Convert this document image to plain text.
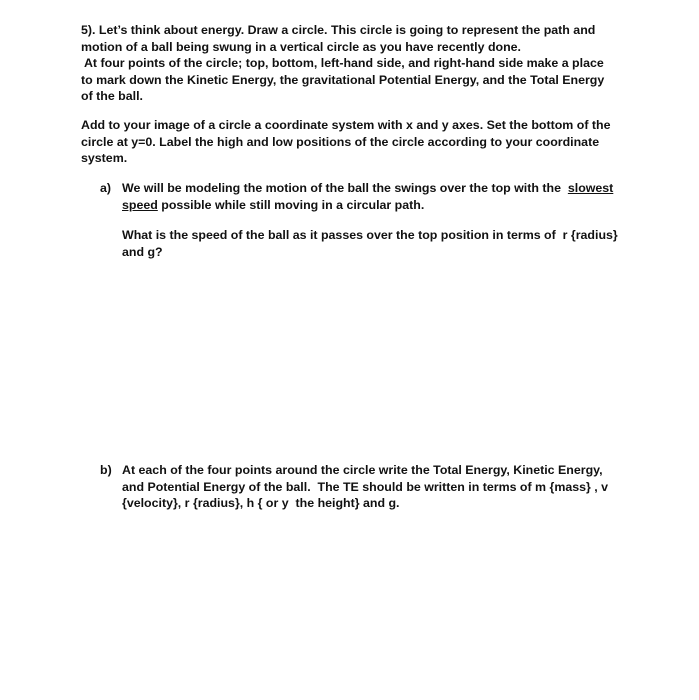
5). Let’s think about energy. Draw a circle. This circle is going to represent the path and
motion of a ball being swung in a vertical circle as you have recently done.
At four points of the circle; top, bottom, left-hand side, and right-hand side make a place
to mark down the Kinetic Energy, the gravitational Potential Energy, and the Total Energy
of the ball.

Add to your image of a circle a coordinate system with x and y axes. Set the bottom of the
circle at y=0. Label the high and low positions of the circle according to your coordinate
system.

a) We will be modeling the motion of the ball the swings over the top with the  slowest
speed possible while still moving in a circular path.
What is the speed of the ball as it passes over the top position in terms of  r {radius}
and g?
b) At each of the four points around the circle write the Total Energy, Kinetic Energy,
and Potential Energy of the ball.  The TE should be written in terms of m {mass} , v
{velocity}, r {radius}, h { or y  the height} and g.
